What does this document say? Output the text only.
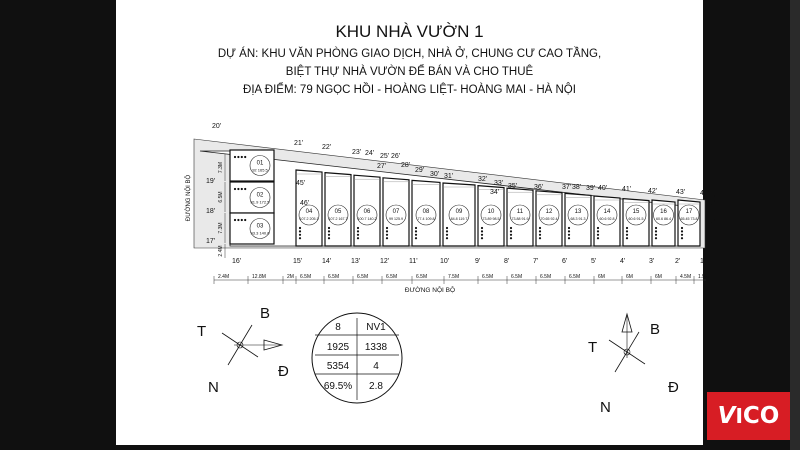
KHU NHÀ VƯỜN 1
DỰ ÁN: KHU VĂN PHÒNG GIAO DỊCH, NHÀ Ở, CHUNG CƯ CAO TẦNG,
BIỆT THỰ NHÀ VƯỜN ĐỂ BÁN VÀ CHO THUÊ
ĐỊA ĐIỂM: 79 NGỌC HỒI - HOÀNG LIỆT- HOÀNG MAI - HÀ NỘI
01
92 165.5
02
81.9 172.5
03
93.3 140.6
04
107.2 205.1
05
107.2 167.7
06
100.7 140.2
07
99 125.9
08
77.4 109.8
09
84.8 119.7
10
73.89 98.5
11
73.88 91.9
12
70.65 92.4
13
68.3 91.3
14
60.6 92.8
15
60.6 91.5
16
60.6 86.4
17
65.45 73.8
20'
21'
22'
23' 24' 25' 26'
27' 28'
29'
30' 31'	32'
33'
34'
35' 36'	37' 38' 39' 40' 41' 42'	43' 44'
45'
46'
45'
46'
47'
19'
18'
17'
7.3M
6.5M
7.3M
2.4M
ĐƯỜNG NỘI BỘ
16'	15'	14'	13'	12'	11'	10'	9'	8'	7'	6'	5'	4'	3'	2'	1'
2.4M	12.8M	2M 6.5M	6.5M	6.5M	6.5M	6.5M	7.5M	6.5M	6.5M	6.5M	6.5M	6M	6M	6M	4.5M 1.5M
ĐƯỜNG NỘI BỘ
T
B
N
Đ
T
B
N
Đ
8	NV1
1925 1338
5354 4
69.5% 2.8
VICO
